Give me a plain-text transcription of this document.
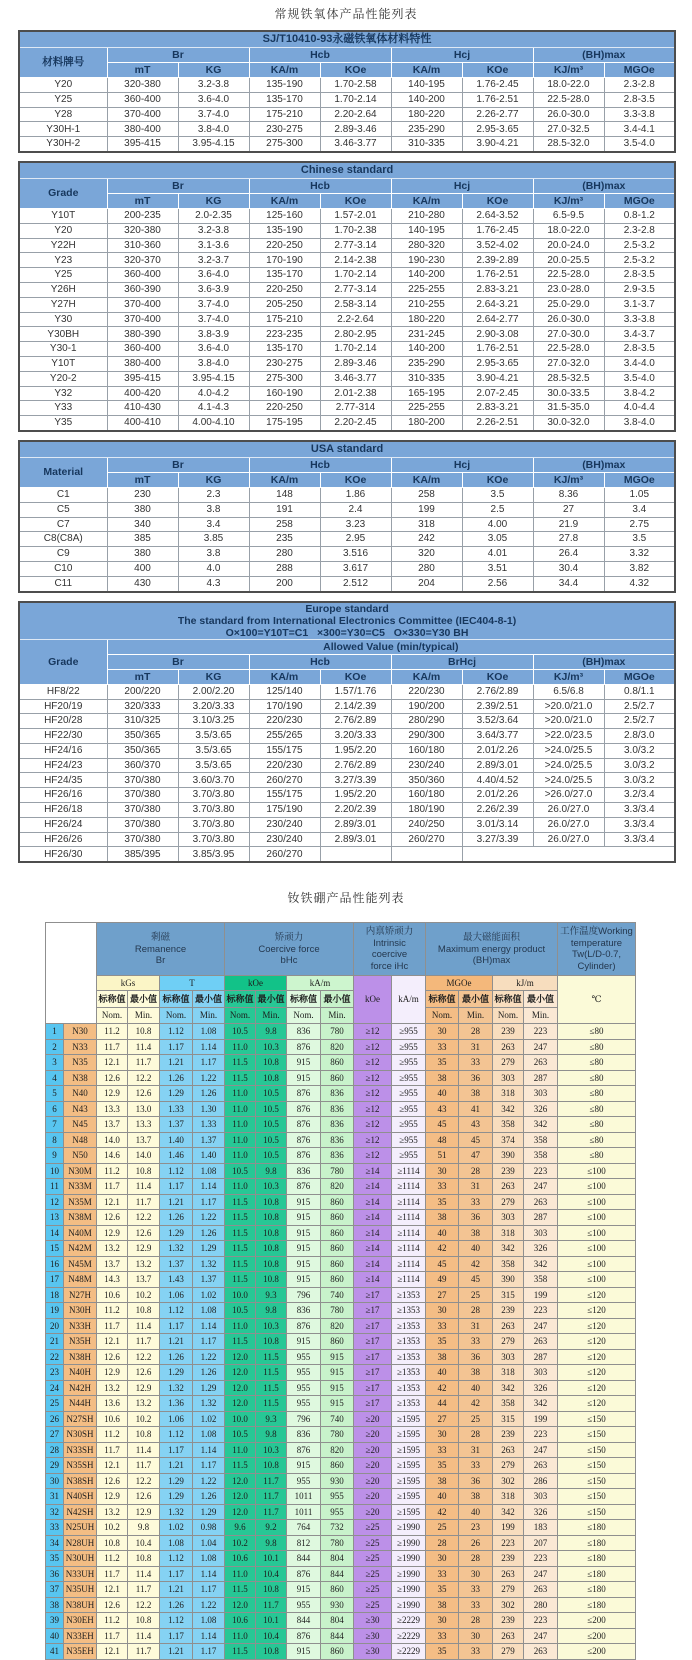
常规铁氧体产品性能列表
SJ/T10410-93永磁铁氧体材料特性								
材料牌号	Br		Hcb		Hcj		(BH)max	
	mT	KG	KA/m	KOe	KA/m	KOe	KJ/m³	MGOe
Y20	320-380	3.2-3.8	135-190	1.70-2.58	140-195	1.76-2.45	18.0-22.0	2.3-2.8
Y25	360-400	3.6-4.0	135-170	1.70-2.14	140-200	1.76-2.51	22.5-28.0	2.8-3.5
Y28	370-400	3.7-4.0	175-210	2.20-2.64	180-220	2.26-2.77	26.0-30.0	3.3-3.8
Y30H-1	380-400	3.8-4.0	230-275	2.89-3.46	235-290	2.95-3.65	27.0-32.5	3.4-4.1
Y30H-2	395-415	3.95-4.15	275-300	3.46-3.77	310-335	3.90-4.21	28.5-32.0	3.5-4.0
Chinese standard								
Grade	Br		Hcb		Hcj		(BH)max	
	mT	KG	KA/m	KOe	KA/m	KOe	KJ/m³	MGOe
Y10T	200-235	2.0-2.35	125-160	1.57-2.01	210-280	2.64-3.52	6.5-9.5	0.8-1.2
Y20	320-380	3.2-3.8	135-190	1.70-2.38	140-195	1.76-2.45	18.0-22.0	2.3-2.8
Y22H	310-360	3.1-3.6	220-250	2.77-3.14	280-320	3.52-4.02	20.0-24.0	2.5-3.2
Y23	320-370	3.2-3.7	170-190	2.14-2.38	190-230	2.39-2.89	20.0-25.5	2.5-3.2
Y25	360-400	3.6-4.0	135-170	1.70-2.14	140-200	1.76-2.51	22.5-28.0	2.8-3.5
Y26H	360-390	3.6-3.9	220-250	2.77-3.14	225-255	2.83-3.21	23.0-28.0	2.9-3.5
Y27H	370-400	3.7-4.0	205-250	2.58-3.14	210-255	2.64-3.21	25.0-29.0	3.1-3.7
Y30	370-400	3.7-4.0	175-210	2.2-2.64	180-220	2.64-2.77	26.0-30.0	3.3-3.8
Y30BH	380-390	3.8-3.9	223-235	2.80-2.95	231-245	2.90-3.08	27.0-30.0	3.4-3.7
Y30-1	360-400	3.6-4.0	135-170	1.70-2.14	140-200	1.76-2.51	22.5-28.0	2.8-3.5
Y10T	380-400	3.8-4.0	230-275	2.89-3.46	235-290	2.95-3.65	27.0-32.0	3.4-4.0
Y20-2	395-415	3.95-4.15	275-300	3.46-3.77	310-335	3.90-4.21	28.5-32.5	3.5-4.0
Y32	400-420	4.0-4.2	160-190	2.01-2.38	165-195	2.07-2.45	30.0-33.5	3.8-4.2
Y33	410-430	4.1-4.3	220-250	2.77-314	225-255	2.83-3.21	31.5-35.0	4.0-4.4
Y35	400-410	4.00-4.10	175-195	2.20-2.45	180-200	2.26-2.51	30.0-32.0	3.8-4.0
USA standard								
Material	Br		Hcb		Hcj		(BH)max	
	mT	KG	KA/m	KOe	KA/m	KOe	KJ/m³	MGOe
C1	230	2.3	148	1.86	258	3.5	8.36	1.05
C5	380	3.8	191	2.4	199	2.5	27	3.4
C7	340	3.4	258	3.23	318	4.00	21.9	2.75
C8(C8A)	385	3.85	235	2.95	242	3.05	27.8	3.5
C9	380	3.8	280	3.516	320	4.01	26.4	3.32
C10	400	4.0	288	3.617	280	3.51	30.4	3.82
C11	430	4.3	200	2.512	204	2.56	34.4	4.32
Europe standard
The standard from International Electronics Committee (IEC404-8-1)
O×100=Y10T=C1   ×300=Y30=C5   O×330=Y30 BH								

Grade	Allowed Value (min/typical)							
	Br		Hcb		BrHcj		(BH)max	
	mT	KG	KA/m	KOe	KA/m	KOe	KJ/m³	MGOe
HF8/22	200/220	2.00/2.20	125/140	1.57/1.76	220/230	2.76/2.89	6.5/6.8	0.8/1.1
HF20/19	320/333	3.20/3.33	170/190	2.14/2.39	190/200	2.39/2.51	>20.0/21.0	2.5/2.7
HF20/28	310/325	3.10/3.25	220/230	2.76/2.89	280/290	3.52/3.64	>20.0/21.0	2.5/2.7
HF22/30	350/365	3.5/3.65	255/265	3.20/3.33	290/300	3.64/3.77	>22.0/23.5	2.8/3.0
HF24/16	350/365	3.5/3.65	155/175	1.95/2.20	160/180	2.01/2.26	>24.0/25.5	3.0/3.2
HF24/23	360/370	3.5/3.65	220/230	2.76/2.89	230/240	2.89/3.01	>24.0/25.5	3.0/3.2
HF24/35	370/380	3.60/3.70	260/270	3.27/3.39	350/360	4.40/4.52	>24.0/25.5	3.0/3.2
HF26/16	370/380	3.70/3.80	155/175	1.95/2.20	160/180	2.01/2.26	>26.0/27.0	3.2/3.4
HF26/18	370/380	3.70/3.80	175/190	2.20/2.39	180/190	2.26/2.39	26.0/27.0	3.3/3.4
HF26/24	370/380	3.70/3.80	230/240	2.89/3.01	240/250	3.01/3.14	26.0/27.0	3.3/3.4
HF26/26	370/380	3.70/3.80	230/240	2.89/3.01	260/270	3.27/3.39	26.0/27.0	3.3/3.4
HF26/30	385/395	3.85/3.95	260/270					
钕铁硼产品性能列表

剩磁
Remanence
Br

矫顽力
Coercive force
bHc

内禀矫顽力
Intrinsic
coercive
force iHc

最大磁能面积
Maximum energy product
(BH)max

工作温度Working
temperature
Tw(L/D-0.7,
Cylinder)

		kGs		T		kOe		kA/m		kOe	kA/m	MGOe		kJ/m		℃
		标称值	最小值	标称值	最小值	标称值	最小值	标称值	最小值			标称值	最小值	标称值	最小值	
		Nom.	Min.	Nom.	Min.	Nom.	Min.	Nom.	Min.			Nom.	Min.	Nom.	Min.	
1	N30	11.2	10.8	1.12	1.08	10.5	9.8	836	780	≥12	≥955	30	28	239	223	≤80
2	N33	11.7	11.4	1.17	1.14	11.0	10.3	876	820	≥12	≥955	33	31	263	247	≤80
3	N35	12.1	11.7	1.21	1.17	11.5	10.8	915	860	≥12	≥955	35	33	279	263	≤80
4	N38	12.6	12.2	1.26	1.22	11.5	10.8	915	860	≥12	≥955	38	36	303	287	≤80
5	N40	12.9	12.6	1.29	1.26	11.0	10.5	876	836	≥12	≥955	40	38	318	303	≤80
6	N43	13.3	13.0	1.33	1.30	11.0	10.5	876	836	≥12	≥955	43	41	342	326	≤80
7	N45	13.7	13.3	1.37	1.33	11.0	10.5	876	836	≥12	≥955	45	43	358	342	≤80
8	N48	14.0	13.7	1.40	1.37	11.0	10.5	876	836	≥12	≥955	48	45	374	358	≤80
9	N50	14.6	14.0	1.46	1.40	11.0	10.5	876	836	≥12	≥955	51	47	390	358	≤80
10	N30M	11.2	10.8	1.12	1.08	10.5	9.8	836	780	≥14	≥1114	30	28	239	223	≤100
11	N33M	11.7	11.4	1.17	1.14	11.0	10.3	876	820	≥14	≥1114	33	31	263	247	≤100
12	N35M	12.1	11.7	1.21	1.17	11.5	10.8	915	860	≥14	≥1114	35	33	279	263	≤100
13	N38M	12.6	12.2	1.26	1.22	11.5	10.8	915	860	≥14	≥1114	38	36	303	287	≤100
14	N40M	12.9	12.6	1.29	1.26	11.5	10.8	915	860	≥14	≥1114	40	38	318	303	≤100
15	N42M	13.2	12.9	1.32	1.29	11.5	10.8	915	860	≥14	≥1114	42	40	342	326	≤100
16	N45M	13.7	13.2	1.37	1.32	11.5	10.8	915	860	≥14	≥1114	45	42	358	342	≤100
17	N48M	14.3	13.7	1.43	1.37	11.5	10.8	915	860	≥14	≥1114	49	45	390	358	≤100
18	N27H	10.6	10.2	1.06	1.02	10.0	9.3	796	740	≥17	≥1353	27	25	315	199	≤120
19	N30H	11.2	10.8	1.12	1.08	10.5	9.8	836	780	≥17	≥1353	30	28	239	223	≤120
20	N33H	11.7	11.4	1.17	1.14	11.0	10.3	876	820	≥17	≥1353	33	31	263	247	≤120
21	N35H	12.1	11.7	1.21	1.17	11.5	10.8	915	860	≥17	≥1353	35	33	279	263	≤120
22	N38H	12.6	12.2	1.26	1.22	12.0	11.5	955	915	≥17	≥1353	38	36	303	287	≤120
23	N40H	12.9	12.6	1.29	1.26	12.0	11.5	955	915	≥17	≥1353	40	38	318	303	≤120
24	N42H	13.2	12.9	1.32	1.29	12.0	11.5	955	915	≥17	≥1353	42	40	342	326	≤120
25	N44H	13.6	13.2	1.36	1.32	12.0	11.5	955	915	≥17	≥1353	44	42	358	342	≤120
26	N27SH	10.6	10.2	1.06	1.02	10.0	9.3	796	740	≥20	≥1595	27	25	315	199	≤150
27	N30SH	11.2	10.8	1.12	1.08	10.5	9.8	836	780	≥20	≥1595	30	28	239	223	≤150
28	N33SH	11.7	11.4	1.17	1.14	11.0	10.3	876	820	≥20	≥1595	33	31	263	247	≤150
29	N35SH	12.1	11.7	1.21	1.17	11.5	10.8	915	860	≥20	≥1595	35	33	279	263	≤150
30	N38SH	12.6	12.2	1.29	1.22	12.0	11.7	955	930	≥20	≥1595	38	36	302	286	≤150
31	N40SH	12.9	12.6	1.29	1.26	12.0	11.7	1011	955	≥20	≥1595	40	38	318	303	≤150
32	N42SH	13.2	12.9	1.32	1.29	12.0	11.7	1011	955	≥20	≥1595	42	40	342	326	≤150
33	N25UH	10.2	9.8	1.02	0.98	9.6	9.2	764	732	≥25	≥1990	25	23	199	183	≤180
34	N28UH	10.8	10.4	1.08	1.04	10.2	9.8	812	780	≥25	≥1990	28	26	223	207	≤180
35	N30UH	11.2	10.8	1.12	1.08	10.6	10.1	844	804	≥25	≥1990	30	28	239	223	≤180
36	N33UH	11.7	11.4	1.17	1.14	11.0	10.4	876	844	≥25	≥1990	33	30	263	247	≤180
37	N35UH	12.1	11.7	1.21	1.17	11.5	10.8	915	860	≥25	≥1990	35	33	279	263	≤180
38	N38UH	12.6	12.2	1.26	1.22	12.0	11.7	955	930	≥25	≥1990	38	33	302	280	≤180
39	N30EH	11.2	10.8	1.12	1.08	10.6	10.1	844	804	≥30	≥2229	30	28	239	223	≤200
40	N33EH	11.7	11.4	1.17	1.14	11.0	10.4	876	844	≥30	≥2229	33	30	263	247	≤200
41	N35EH	12.1	11.7	1.21	1.17	11.5	10.8	915	860	≥30	≥2229	35	33	279	263	≤200
